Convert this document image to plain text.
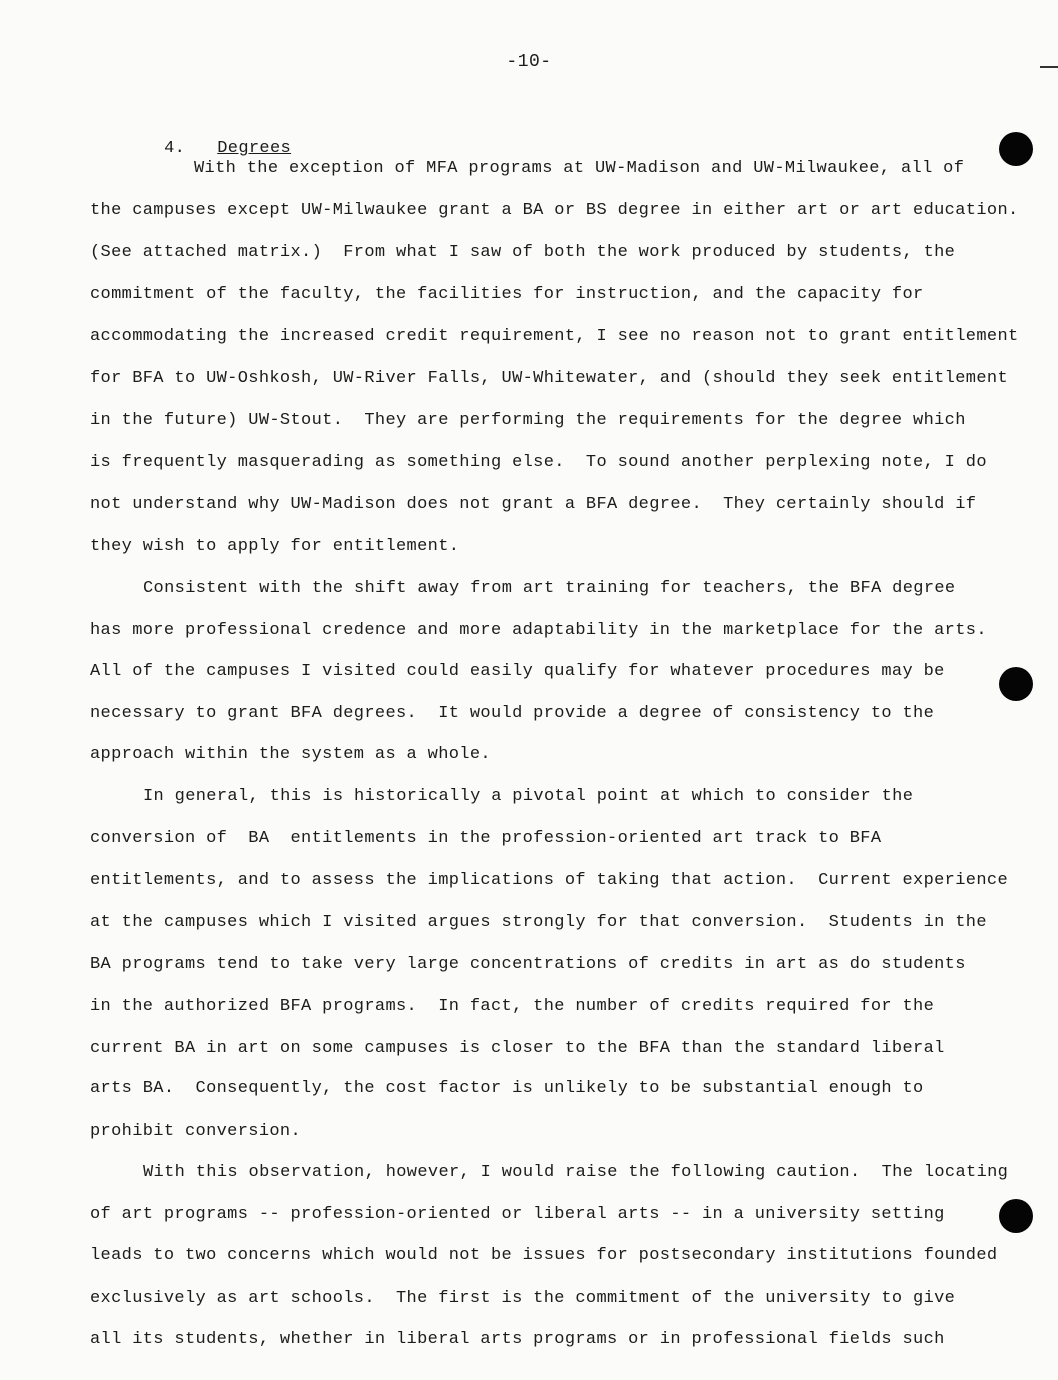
-10-

4. Degrees

With the exception of MFA programs at UW-Madison and UW-Milwaukee, all of
the campuses except UW-Milwaukee grant a BA or BS degree in either art or art education.
(See attached matrix.)  From what I saw of both the work produced by students, the
commitment of the faculty, the facilities for instruction, and the capacity for
accommodating the increased credit requirement, I see no reason not to grant entitlement
for BFA to UW-Oshkosh, UW-River Falls, UW-Whitewater, and (should they seek entitlement
in the future) UW-Stout.  They are performing the requirements for the degree which
is frequently masquerading as something else.  To sound another perplexing note, I do
not understand why UW-Madison does not grant a BFA degree.  They certainly should if
they wish to apply for entitlement.
Consistent with the shift away from art training for teachers, the BFA degree
has more professional credence and more adaptability in the marketplace for the arts.
All of the campuses I visited could easily qualify for whatever procedures may be
necessary to grant BFA degrees.  It would provide a degree of consistency to the
approach within the system as a whole.
In general, this is historically a pivotal point at which to consider the
conversion of  BA  entitlements in the profession-oriented art track to BFA
entitlements, and to assess the implications of taking that action.  Current experience
at the campuses which I visited argues strongly for that conversion.  Students in the
BA programs tend to take very large concentrations of credits in art as do students
in the authorized BFA programs.  In fact, the number of credits required for the
current BA in art on some campuses is closer to the BFA than the standard liberal
arts BA.  Consequently, the cost factor is unlikely to be substantial enough to
prohibit conversion.
With this observation, however, I would raise the following caution.  The locating
of art programs -- profession-oriented or liberal arts -- in a university setting
leads to two concerns which would not be issues for postsecondary institutions founded
exclusively as art schools.  The first is the commitment of the university to give
all its students, whether in liberal arts programs or in professional fields such
